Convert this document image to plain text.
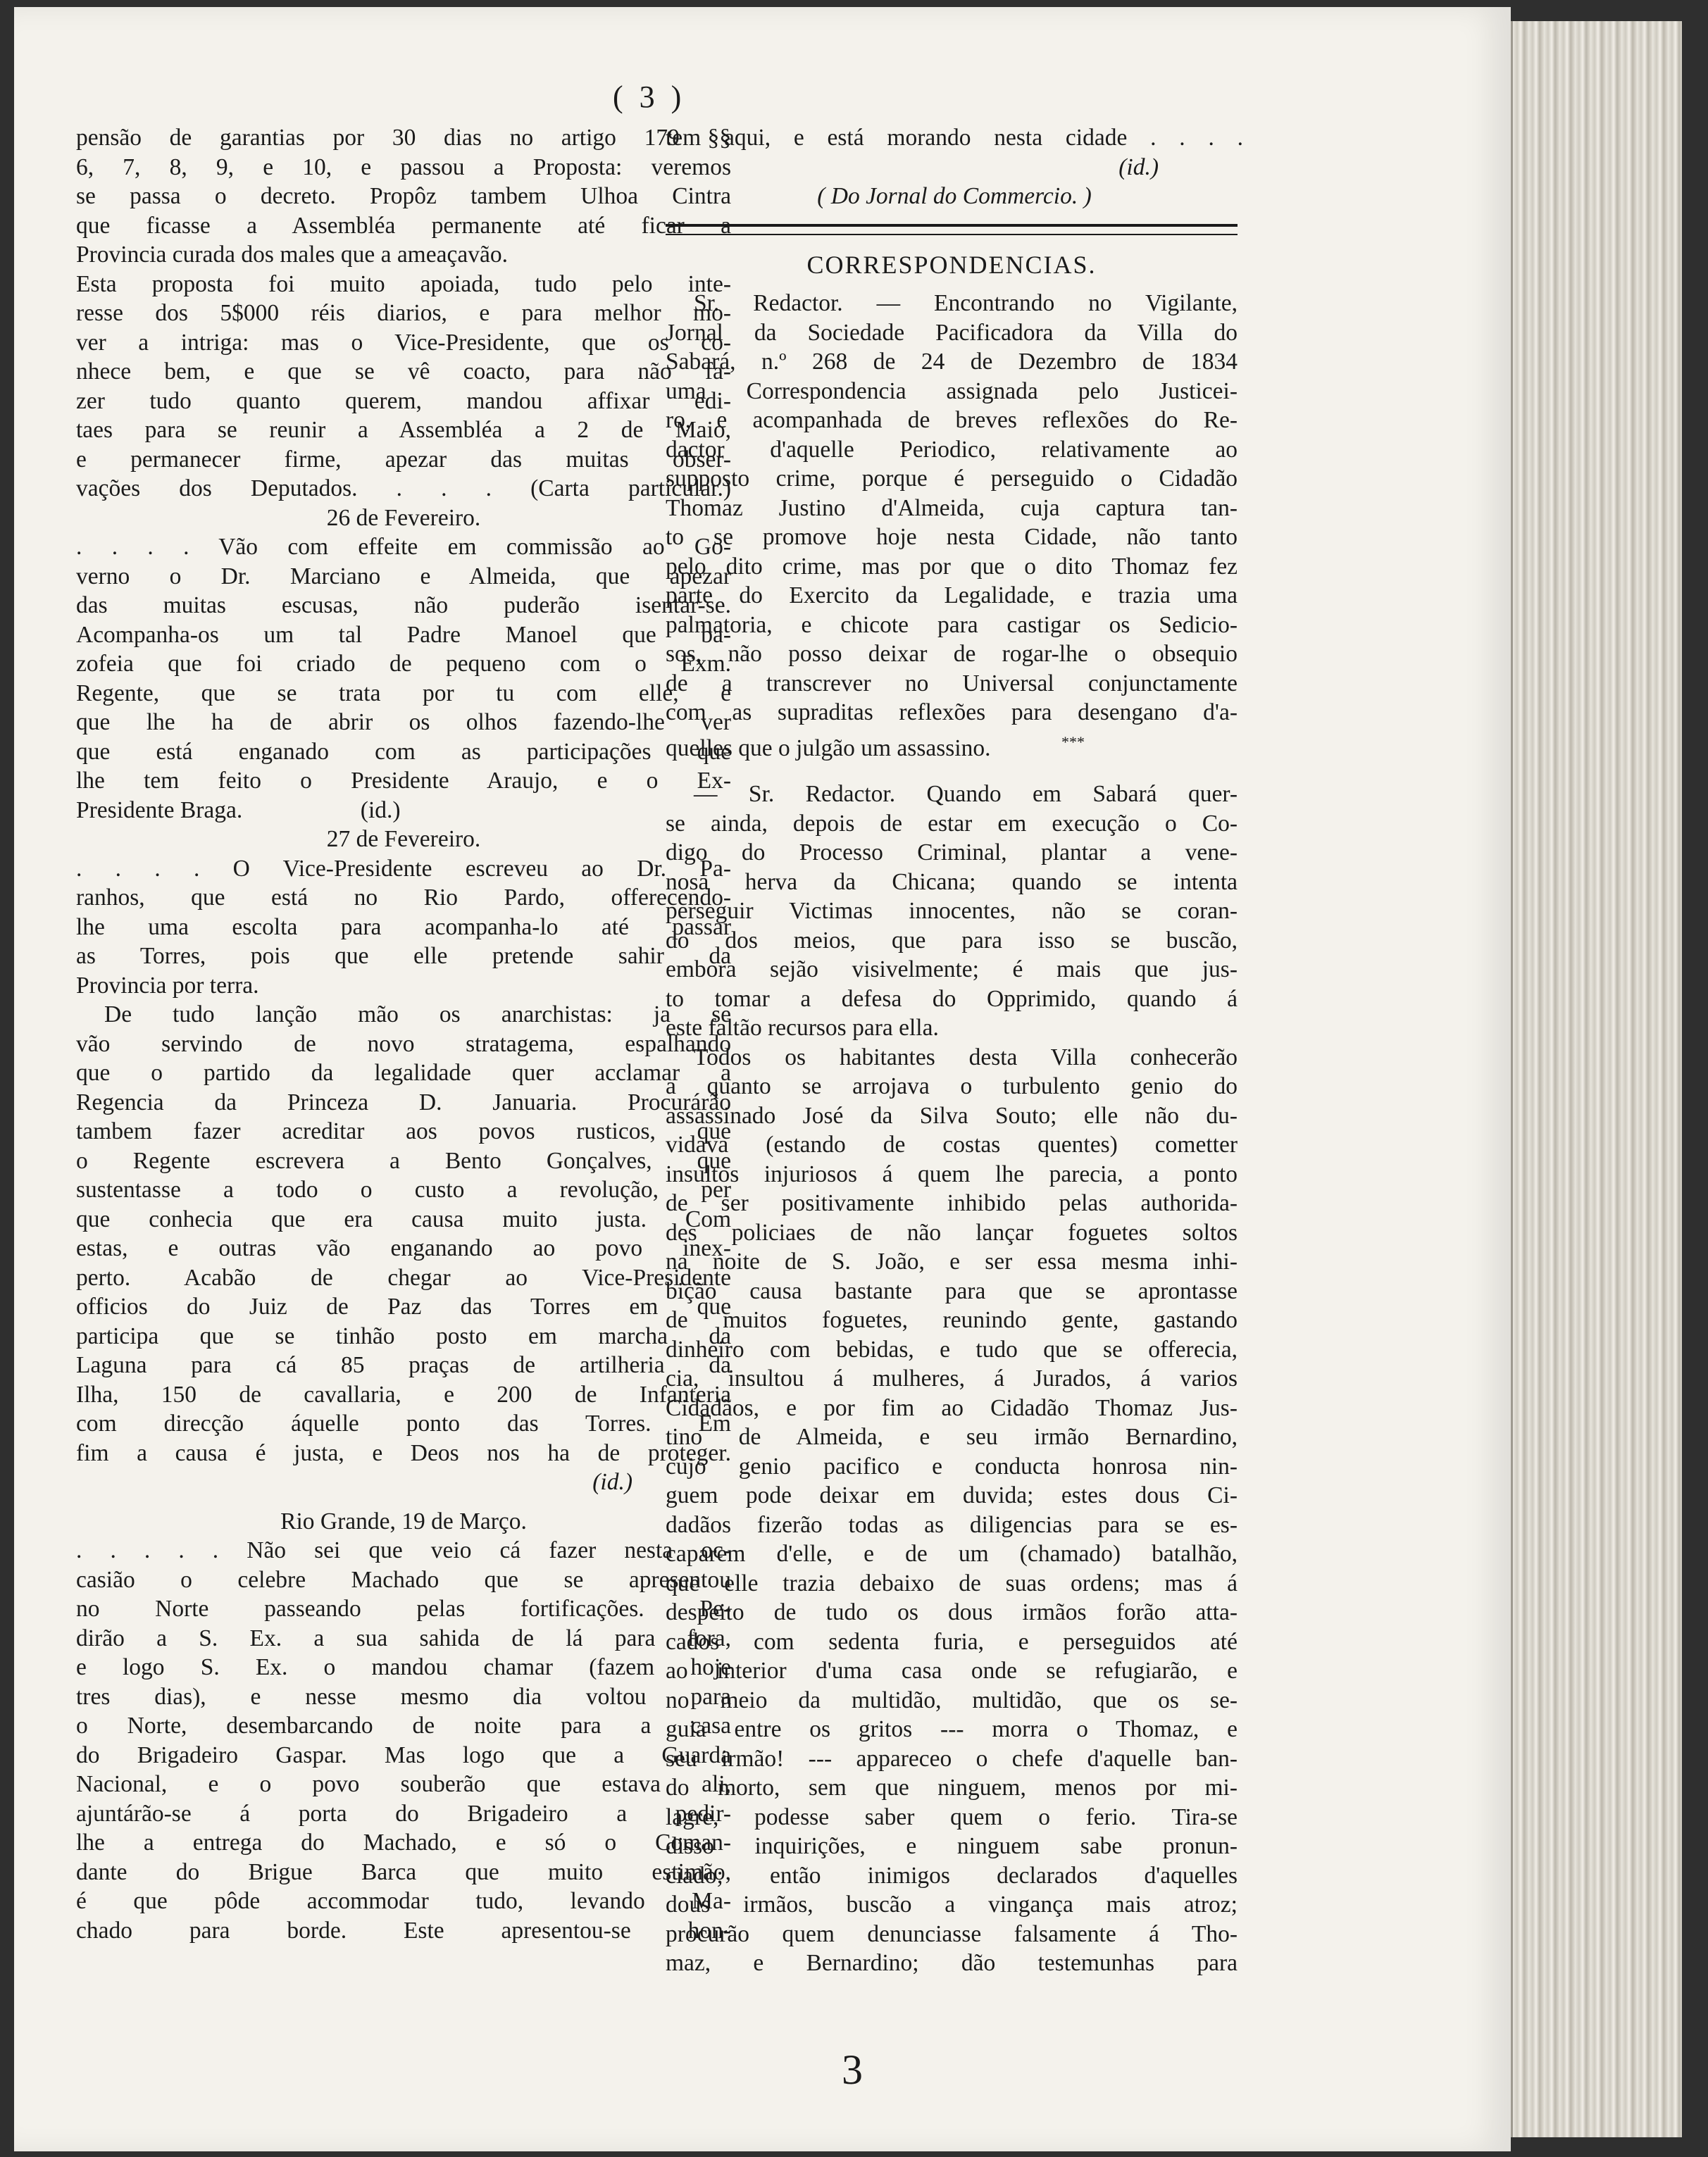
( 3 )
pensão de garantias por 30 dias no artigo 179 §§
6, 7, 8, 9, e 10, e passou a Proposta: veremos
se passa o decreto. Propôz tambem Ulhoa Cintra
que ficasse a Assembléa permanente até ficar a
Provincia curada dos males que a ameaçavão.
Esta proposta foi muito apoiada, tudo pelo inte-
resse dos 5$000 réis diarios, e para melhor mo-
ver a intriga: mas o Vice-Presidente, que os co-
nhece bem, e que se vê coacto, para não fa-
zer tudo quanto querem, mandou affixar edi-
taes para se reunir a Assembléa a 2 de Maio,
e permanecer firme, apezar das muitas obser-
vações dos Deputados. . . . (Carta particular.)
26 de Fevereiro.
. . . . Vão com effeite em commissão ao Go-
verno o Dr. Marciano e Almeida, que apezar
das muitas escusas, não puderão isentar-se.
Acompanha-os um tal Padre Manoel que ba-
zofeia que foi criado de pequeno com o Exm.
Regente, que se trata por tu com elle, e
que lhe ha de abrir os olhos fazendo-lhe ver
que está enganado com as participações que
lhe tem feito o Presidente Araujo, e o Ex-
Presidente Braga.                    (id.)
27 de Fevereiro.
. . . . O Vice-Presidente escreveu ao Dr. Pa-
ranhos, que está no Rio Pardo, offerecendo-
lhe uma escolta para acompanha-lo até passar
as Torres, pois que elle pretende sahir da
Provincia por terra.
De tudo lanção mão os anarchistas: ja se
vão servindo de novo stratagema, espalhando
que o partido da legalidade quer acclamar a
Regencia da Princeza D. Januaria. Procurárão
tambem fazer acreditar aos povos rusticos, que
o Regente escrevera a Bento Gonçalves, que
sustentasse a todo o custo a revolução, per
que conhecia que era causa muito justa. Com
estas, e outras vão enganando ao povo inex-
perto. Acabão de chegar ao Vice-Presidente
officios do Juiz de Paz das Torres em que
participa que se tinhão posto em marcha da
Laguna para cá 85 praças de artilheria da
Ilha, 150 de cavallaria, e 200 de Infanteria
com direcção áquelle ponto das Torres. Em
fim a causa é justa, e Deos nos ha de proteger.
(id.)
Rio Grande, 19 de Março.
. . . . . Não sei que veio cá fazer nesta oc-
casião o celebre Machado que se apresentou
no Norte passeando pelas fortificações. Pe-
dirão a S. Ex. a sua sahida de lá para fora,
e logo S. Ex. o mandou chamar (fazem hoje
tres dias), e nesse mesmo dia voltou para
o Norte, desembarcando de noite para a casa
do Brigadeiro Gaspar. Mas logo que a Guarda
Nacional, e o povo souberão que estava ali,
ajuntárão-se á porta do Brigadeiro a pedir-
lhe a entrega do Machado, e só o Coman-
dante do Brigue Barca que muito estimão,
é que pôde accommodar tudo, levando Ma-
chado para borde. Este apresentou-se hon-
tem aqui, e está morando nesta cidade . . . .
(id.)
( Do Jornal do Commercio. )
CORRESPONDENCIAS.
Sr. Redactor. — Encontrando no Vigilante,
Jornal da Sociedade Pacificadora da Villa do
Sabará, n.º 268 de 24 de Dezembro de 1834
uma Correspondencia assignada pelo Justicei-
ro, e acompanhada de breves reflexões do Re-
dactor d'aquelle Periodico, relativamente ao
supposto crime, porque é perseguido o Cidadão
Thomaz Justino d'Almeida, cuja captura tan-
to se promove hoje nesta Cidade, não tanto
pelo dito crime, mas por que o dito Thomaz fez
parte do Exercito da Legalidade, e trazia uma
palmatoria, e chicote para castigar os Sedicio-
sos, não posso deixar de rogar-lhe o obsequio
de a transcrever no Universal conjunctamente
com as supraditas reflexões para desengano d'a-
quelles que o julgão um assassino.	***
— Sr. Redactor. Quando em Sabará quer-
se ainda, depois de estar em execução o Co-
digo do Processo Criminal, plantar a vene-
nosa herva da Chicana; quando se intenta
perseguir Victimas innocentes, não se coran-
do dos meios, que para isso se buscão,
embora sejão visivelmente; é mais que jus-
to tomar a defesa do Opprimido, quando á
este faltão recursos para ella.
Todos os habitantes desta Villa conhecerão
a quanto se arrojava o turbulento genio do
assassinado José da Silva Souto; elle não du-
vidava (estando de costas quentes) cometter
insultos injuriosos á quem lhe parecia, a ponto
de ser positivamente inhibido pelas authorida-
des policiaes de não lançar foguetes soltos
na noite de S. João, e ser essa mesma inhi-
bição causa bastante para que se aprontasse
de muitos foguetes, reunindo gente, gastando
dinheiro com bebidas, e tudo que se offerecia,
cia, insultou á mulheres, á Jurados, á varios
Cidadãos, e por fim ao Cidadão Thomaz Jus-
tino de Almeida, e seu irmão Bernardino,
cujo genio pacifico e conducta honrosa nin-
guem pode deixar em duvida; estes dous Ci-
dadãos fizerão todas as diligencias para se es-
caparem d'elle, e de um (chamado) batalhão,
que elle trazia debaixo de suas ordens; mas á
despeito de tudo os dous irmãos forão atta-
cados com sedenta furia, e perseguidos até
ao interior d'uma casa onde se refugiarão, e
no meio da multidão, multidão, que os se-
guia entre os gritos --- morra o Thomaz, e
seu irmão! --- appareceo o chefe d'aquelle ban-
do morto, sem que ninguem, menos por mi-
lagre, podesse saber quem o ferio. Tira-se
disso inquirições, e ninguem sabe pronun-
ciado; então inimigos declarados d'aquelles
dous irmãos, buscão a vingança mais atroz;
procurão quem denunciasse falsamente á Tho-
maz, e Bernardino; dão testemunhas para
3
